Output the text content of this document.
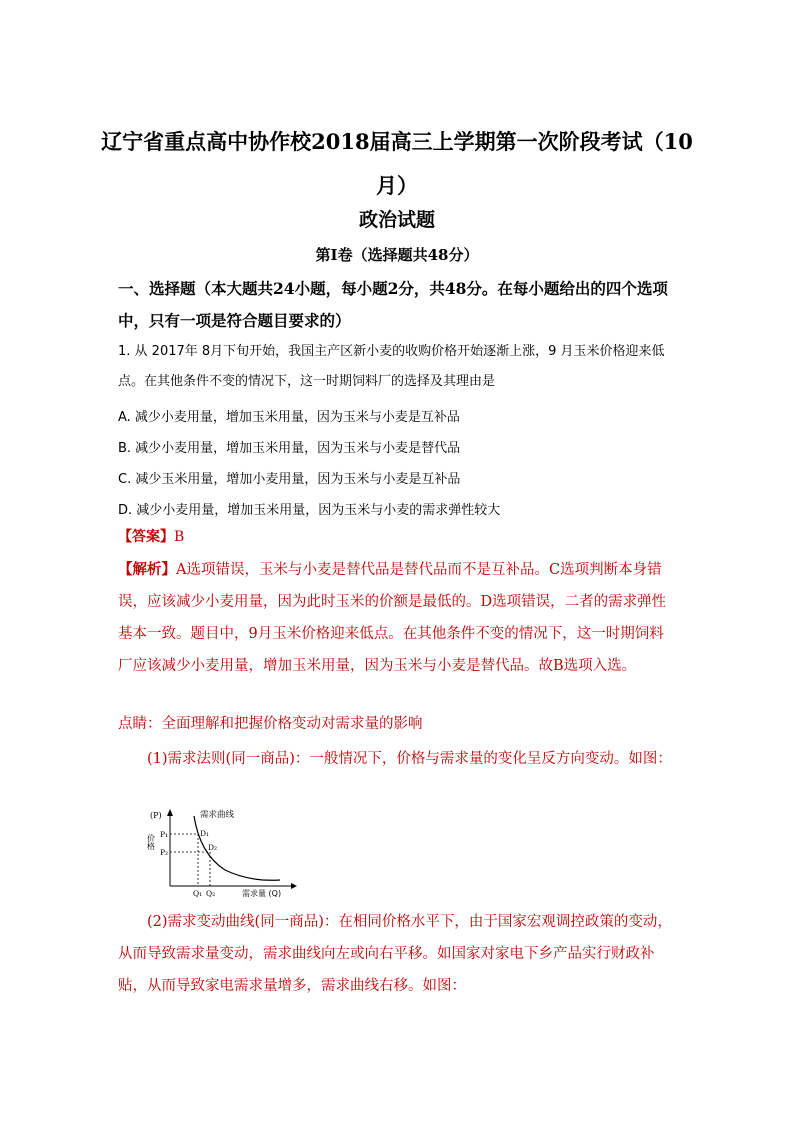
辽宁省重点高中协作校2018届高三上学期第一次阶段考试（10
月）
政治试题
第Ⅰ卷（选择题共48分）
一、选择题（本大题共24小题，每小题2分，共48分。在每小题给出的四个选项中，只有一项是符合题目要求的）
1. 从 2017年 8月下旬开始，我国主产区新小麦的收购价格开始逐渐上涨，9 月玉米价格迎来低点。在其他条件不变的情况下，这一时期饲料厂的选择及其理由是
A. 减少小麦用量，增加玉米用量，因为玉米与小麦是互补品
B. 减少小麦用量，增加玉米用量，因为玉米与小麦是替代品
C. 减少玉米用量，增加小麦用量，因为玉米与小麦是互补品
D. 减少小麦用量，增加玉米用量，因为玉米与小麦的需求弹性较大
【答案】B
【解析】A选项错误，玉米与小麦是替代品是替代品而不是互补品。C选项判断本身错误，应该减少小麦用量，因为此时玉米的价额是最低的。D选项错误，二者的需求弹性基本一致。题目中，9月玉米价格迎来低点。在其他条件不变的情况下，这一时期饲料厂应该减少小麦用量，增加玉米用量，因为玉米与小麦是替代品。故B选项入选。
点睛：全面理解和把握价格变动对需求量的影响
(1)需求法则(同一商品)：一般情况下，价格与需求量的变化呈反方向变动。如图：
(P)	需求曲线
价格 P₁
P₂
D₁
D₂
Q₁ Q₂	需求量 (Q)
(2)需求变动曲线(同一商品)：在相同价格水平下，由于国家宏观调控政策的变动，从而导致需求量变动，需求曲线向左或向右平移。如国家对家电下乡产品实行财政补贴，从而导致家电需求量增多，需求曲线右移。如图：
